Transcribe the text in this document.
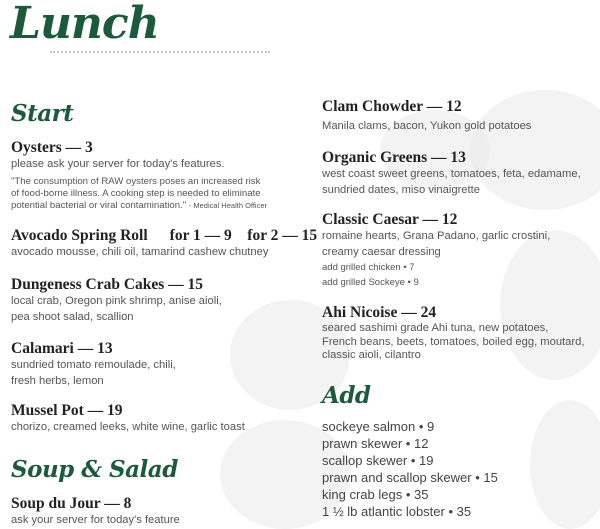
Lunch
Start
Oysters — 3
please ask your server for today's features.
"The consumption of RAW oysters poses an increased risk
of food-borne illness. A cooking step is needed to eliminate
potential bacterial or viral contamination." - Medical Health Officer
Avocado Spring Roll for 1 — 9    for 2 — 15
avocado mousse, chili oil, tamarind cashew chutney
Dungeness Crab Cakes — 15
local crab, Oregon pink shrimp, anise aioli,
pea shoot salad, scallion
Calamari — 13
sundried tomato remoulade, chili,
fresh herbs, lemon
Mussel Pot — 19
chorizo, creamed leeks, white wine, garlic toast
Soup & Salad
Soup du Jour — 8
ask your server for today's feature
Clam Chowder — 12
Manila clams, bacon, Yukon gold potatoes
Organic Greens — 13
west coast sweet greens, tomatoes, feta, edamame,
sundried dates, miso vinaigrette
Classic Caesar — 12
romaine hearts, Grana Padano, garlic crostini,
creamy caesar dressing
add grilled chicken • 7
add grilled Sockeye • 9
Ahi Nicoise — 24
seared sashimi grade Ahi tuna, new potatoes,
French beans, beets, tomatoes, boiled egg, moutard,
classic aioli, cilantro
Add
sockeye salmon • 9
prawn skewer • 12
scallop skewer • 19
prawn and scallop skewer • 15
king crab legs • 35
1 ½ lb atlantic lobster • 35
